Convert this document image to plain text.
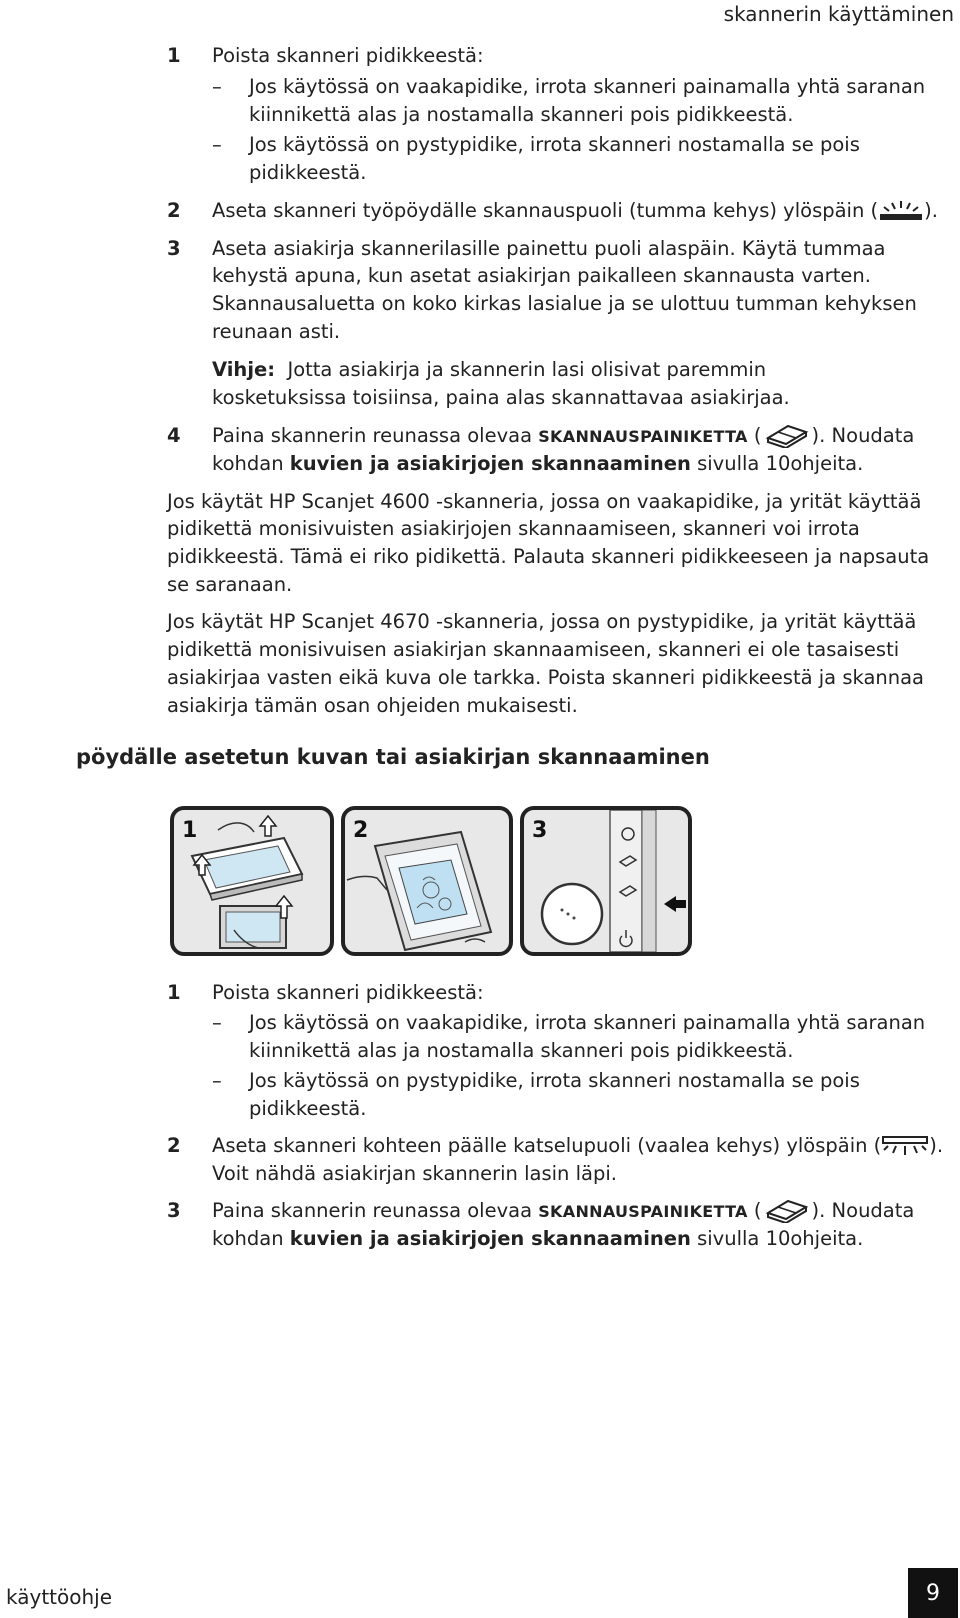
skannerin käyttäminen
1	Poista skanneri pidikkeestä:
– Jos käytössä on vaakapidike, irrota skanneri painamalla yhtä saranan
kiinnikettä alas ja nostamalla skanneri pois pidikkeestä.
– Jos käytössä on pystypidike, irrota skanneri nostamalla se pois
pidikkeestä.
2	Aseta skanneri työpöydälle skannauspuoli (tumma kehys) ylöspäin ( ).
3	Aseta asiakirja skannerilasille painettu puoli alaspäin. Käytä tummaa
kehystä apuna, kun asetat asiakirjan paikalleen skannausta varten.
Skannausaluetta on koko kirkas lasialue ja se ulottuu tumman kehyksen
reunaan asti.
Vihje: Jotta asiakirja ja skannerin lasi olisivat paremmin
kosketuksissa toisiinsa, paina alas skannattavaa asiakirjaa.
4	Paina skannerin reunassa olevaa SKANNAUSPAINIKETTA (	). Noudata
kohdan kuvien ja asiakirjojen skannaaminen sivulla 10ohjeita.
Jos käytät HP Scanjet 4600 -skanneria, jossa on vaakapidike, ja yrität käyttää
pidikettä monisivuisten asiakirjojen skannaamiseen, skanneri voi irrota
pidikkeestä. Tämä ei riko pidikettä. Palauta skanneri pidikkeeseen ja napsauta
se saranaan.
Jos käytät HP Scanjet 4670 -skanneria, jossa on pystypidike, ja yrität käyttää
pidikettä monisivuisen asiakirjan skannaamiseen, skanneri ei ole tasaisesti
asiakirjaa vasten eikä kuva ole tarkka. Poista skanneri pidikkeestä ja skannaa
asiakirja tämän osan ohjeiden mukaisesti.
pöydälle asetetun kuvan tai asiakirjan skannaaminen
1	2	3
1	Poista skanneri pidikkeestä:
– Jos käytössä on vaakapidike, irrota skanneri painamalla yhtä saranan
kiinnikettä alas ja nostamalla skanneri pois pidikkeestä.
– Jos käytössä on pystypidike, irrota skanneri nostamalla se pois
pidikkeestä.
2	Aseta skanneri kohteen päälle katselupuoli (vaalea kehys) ylöspäin ( ).
Voit nähdä asiakirjan skannerin lasin läpi.
3	Paina skannerin reunassa olevaa SKANNAUSPAINIKETTA (	). Noudata
kohdan kuvien ja asiakirjojen skannaaminen sivulla 10ohjeita.
käyttöohje	9
